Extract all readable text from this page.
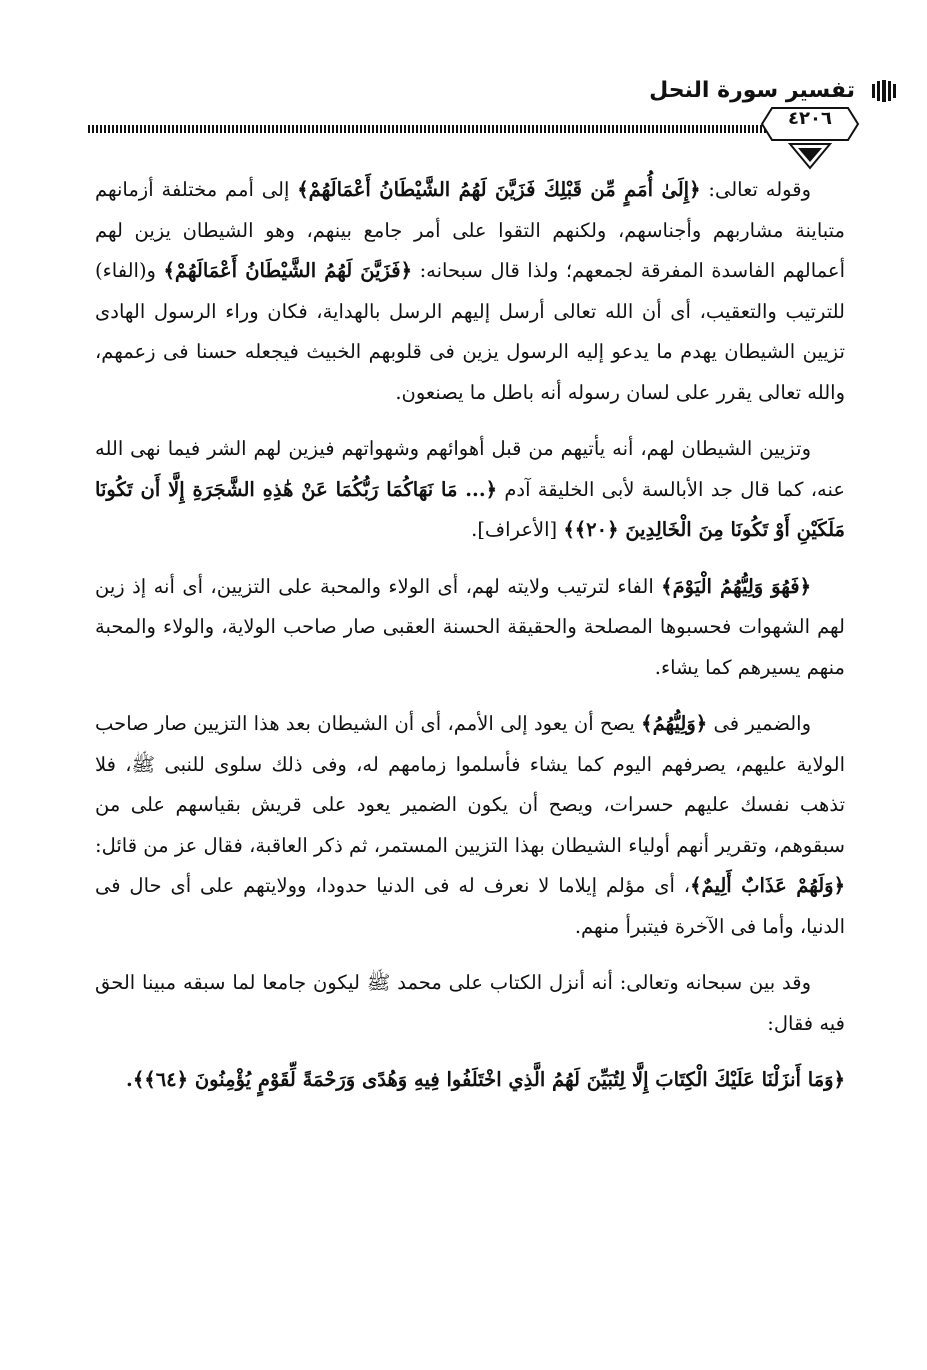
تفسير سورة النحل
٤٢٠٦

وقوله تعالى: ﴿إِلَىٰ أُمَمٍ مِّن قَبْلِكَ فَزَيَّنَ لَهُمُ الشَّيْطَانُ أَعْمَالَهُمْ﴾ إلى أمم مختلفة أزمانهم متباينة مشاربهم وأجناسهم، ولكنهم التقوا على أمر جامع بينهم، وهو الشيطان يزين لهم أعمالهم الفاسدة المفرقة لجمعهم؛ ولذا قال سبحانه: ﴿فَزَيَّنَ لَهُمُ الشَّيْطَانُ أَعْمَالَهُمْ﴾ و(الفاء) للترتيب والتعقيب، أى أن الله تعالى أرسل إليهم الرسل بالهداية، فكان وراء الرسول الهادى تزيين الشيطان يهدم ما يدعو إليه الرسول يزين فى قلوبهم الخبيث فيجعله حسنا فى زعمهم، والله تعالى يقرر على لسان رسوله أنه باطل ما يصنعون.

وتزيين الشيطان لهم، أنه يأتيهم من قبل أهوائهم وشهواتهم فيزين لهم الشر فيما نهى الله عنه، كما قال جد الأبالسة لأبى الخليقة آدم ﴿... مَا نَهَاكُمَا رَبُّكُمَا عَنْ هَٰذِهِ الشَّجَرَةِ إِلَّا أَن تَكُونَا مَلَكَيْنِ أَوْ تَكُونَا مِنَ الْخَالِدِينَ ﴿٢٠﴾﴾ [الأعراف].

﴿فَهُوَ وَلِيُّهُمُ الْيَوْمَ﴾ الفاء لترتيب ولايته لهم، أى الولاء والمحبة على التزيين، أى أنه إذ زين لهم الشهوات فحسبوها المصلحة والحقيقة الحسنة العقبى صار صاحب الولاية، والولاء والمحبة منهم يسيرهم كما يشاء.

والضمير فى ﴿وَلِيُّهُمُ﴾ يصح أن يعود إلى الأمم، أى أن الشيطان بعد هذا التزيين صار صاحب الولاية عليهم، يصرفهم اليوم كما يشاء فأسلموا زمامهم له، وفى ذلك سلوى للنبى ﷺ، فلا تذهب نفسك عليهم حسرات، ويصح أن يكون الضمير يعود على قريش بقياسهم على من سبقوهم، وتقرير أنهم أولياء الشيطان بهذا التزيين المستمر، ثم ذكر العاقبة، فقال عز من قائل: ﴿وَلَهُمْ عَذَابٌ أَلِيمٌ﴾، أى مؤلم إيلاما لا نعرف له فى الدنيا حدودا، وولايتهم على أى حال فى الدنيا، وأما فى الآخرة فيتبرأ منهم.

وقد بين سبحانه وتعالى: أنه أنزل الكتاب على محمد ﷺ ليكون جامعا لما سبقه مبينا الحق فيه فقال:

﴿وَمَا أَنزَلْنَا عَلَيْكَ الْكِتَابَ إِلَّا لِتُبَيِّنَ لَهُمُ الَّذِي اخْتَلَفُوا فِيهِ وَهُدًى وَرَحْمَةً لِّقَوْمٍ يُؤْمِنُونَ ﴿٦٤﴾﴾.
